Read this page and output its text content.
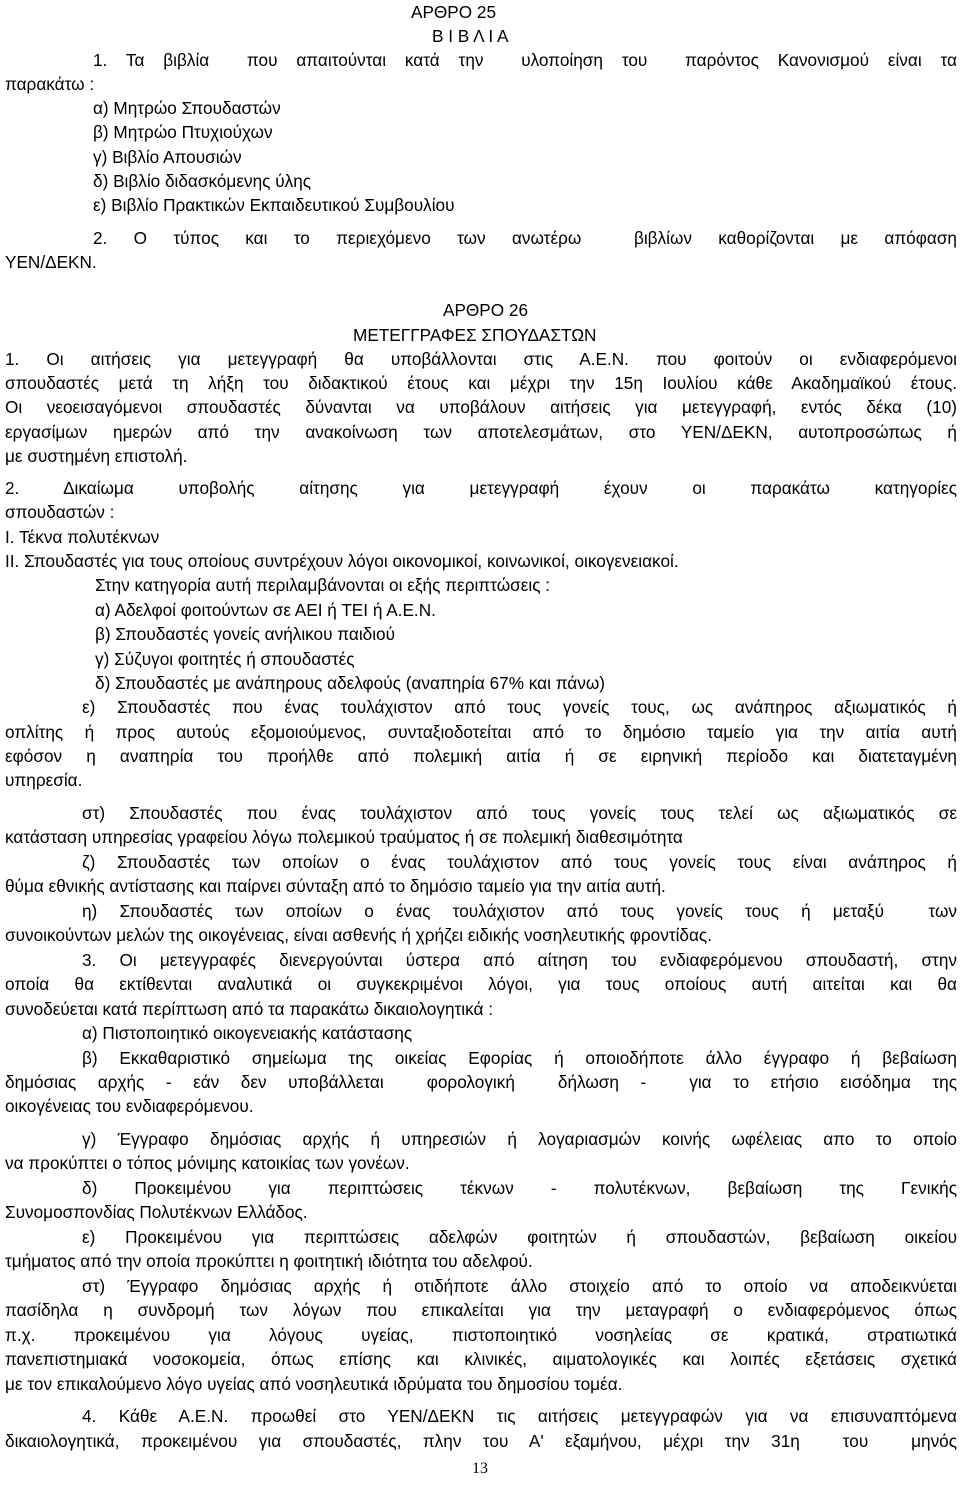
ΑΡΘΡΟ 25
Β Ι Β Λ Ι Α
1. Τα βιβλία  που απαιτούνται κατά την  υλοποίηση του  παρόντος Κανονισμού είναι τα
παρακάτω :
α) Μητρώο Σπουδαστών
β) Μητρώο Πτυχιούχων
γ) Βιβλίο Απουσιών
δ) Βιβλίο διδασκόμενης ύλης
ε) Βιβλίο Πρακτικών Εκπαιδευτικού Συμβουλίου
2. Ο τύπος και το περιεχόμενο των ανωτέρω  βιβλίων καθορίζονται με απόφαση
ΥΕΝ/ΔΕΚΝ.
ΑΡΘΡΟ 26
ΜΕΤΕΓΓΡΑΦΕΣ ΣΠΟΥΔΑΣΤΩΝ
1. Οι αιτήσεις για μετεγγραφή θα υποβάλλονται στις Α.Ε.Ν. που φοιτούν οι ενδιαφερόμενοι
σπουδαστές μετά τη λήξη του διδακτικού έτους και μέχρι την 15η Ιουλίου κάθε Ακαδημαϊκού έτους.
Οι νεοεισαγόμενοι σπουδαστές δύνανται να υποβάλουν αιτήσεις για μετεγγραφή, εντός δέκα (10)
εργασίμων ημερών από την ανακοίνωση των αποτελεσμάτων, στο ΥΕΝ/ΔΕΚΝ, αυτοπροσώπως ή
με συστημένη επιστολή.
2. Δικαίωμα υποβολής αίτησης για μετεγγραφή έχουν οι παρακάτω κατηγορίες
σπουδαστών :
Ι. Τέκνα πολυτέκνων
ΙΙ. Σπουδαστές για τους οποίους συντρέχουν λόγοι οικονομικοί, κοινωνικοί, οικογενειακοί.
Στην κατηγορία αυτή περιλαμβάνονται οι εξής περιπτώσεις :
α) Αδελφοί φοιτούντων σε ΑΕΙ ή ΤΕΙ ή Α.Ε.Ν.
β) Σπουδαστές γονείς ανήλικου παιδιού
γ) Σύζυγοι φοιτητές ή σπουδαστές
δ) Σπουδαστές με ανάπηρους αδελφούς (αναπηρία 67% και πάνω)
ε) Σπουδαστές που ένας τουλάχιστον από τους γονείς τους, ως ανάπηρος αξιωματικός ή
οπλίτης ή προς αυτούς εξομοιούμενος, συνταξιοδοτείται από το δημόσιο ταμείο για την αιτία αυτή
εφόσον η αναπηρία του προήλθε από πολεμική αιτία ή σε ειρηνική περίοδο και διατεταγμένη
υπηρεσία.
στ) Σπουδαστές που ένας τουλάχιστον από τους γονείς τους τελεί ως αξιωματικός σε
κατάσταση υπηρεσίας γραφείου λόγω πολεμικού τραύματος ή σε πολεμική διαθεσιμότητα
ζ) Σπουδαστές των οποίων ο ένας τουλάχιστον από τους γονείς τους είναι ανάπηρος ή
θύμα εθνικής αντίστασης και παίρνει σύνταξη από το δημόσιο ταμείο για την αιτία αυτή.
η) Σπουδαστές των οποίων ο ένας τουλάχιστον από τους γονείς τους ή μεταξύ  των
συνοικούντων μελών της οικογένειας, είναι ασθενής ή χρήζει ειδικής νοσηλευτικής φροντίδας.
3. Οι μετεγγραφές διενεργούνται ύστερα από αίτηση του ενδιαφερόμενου σπουδαστή, στην
οποία θα εκτίθενται αναλυτικά οι συγκεκριμένοι λόγοι, για τους οποίους αυτή αιτείται και θα
συνοδεύεται κατά περίπτωση από τα παρακάτω δικαιολογητικά :
α) Πιστοποιητικό οικογενειακής κατάστασης
β) Εκκαθαριστικό σημείωμα της οικείας Εφορίας ή οποιοδήποτε άλλο έγγραφο ή βεβαίωση
δημόσιας αρχής - εάν δεν υποβάλλεται  φορολογική  δήλωση -  για το ετήσιο εισόδημα της
οικογένειας του ενδιαφερόμενου.
γ) Έγγραφο δημόσιας αρχής ή υπηρεσιών ή λογαριασμών κοινής ωφέλειας απο το οποίο
να προκύπτει ο τόπος μόνιμης κατοικίας των γονέων.
δ) Προκειμένου για περιπτώσεις τέκνων - πολυτέκνων, βεβαίωση της Γενικής
Συνομοσπονδίας Πολυτέκνων Ελλάδος.
ε) Προκειμένου για περιπτώσεις αδελφών φοιτητών ή σπουδαστών, βεβαίωση οικείου
τμήματος από την οποία προκύπτει η φοιτητική ιδιότητα του αδελφού.
στ) Έγγραφο δημόσιας αρχής ή οτιδήποτε άλλο στοιχείο από το οποίο να αποδεικνύεται
πασίδηλα η συνδρομή των λόγων που επικαλείται για την μεταγραφή ο ενδιαφερόμενος όπως
π.χ. προκειμένου για λόγους υγείας, πιστοποιητικό νοσηλείας σε κρατικά, στρατιωτικά
πανεπιστημιακά νοσοκομεία, όπως επίσης και κλινικές, αιματολογικές και λοιπές εξετάσεις σχετικά
με τον επικαλούμενο λόγο υγείας από νοσηλευτικά ιδρύματα του δημοσίου τομέα.
4. Κάθε Α.Ε.Ν. προωθεί στο ΥΕΝ/ΔΕΚΝ τις αιτήσεις μετεγγραφών για να επισυναπτόμενα
δικαιολογητικά, προκειμένου για σπουδαστές, πλην του Α' εξαμήνου, μέχρι την 31η  του  μηνός
13
